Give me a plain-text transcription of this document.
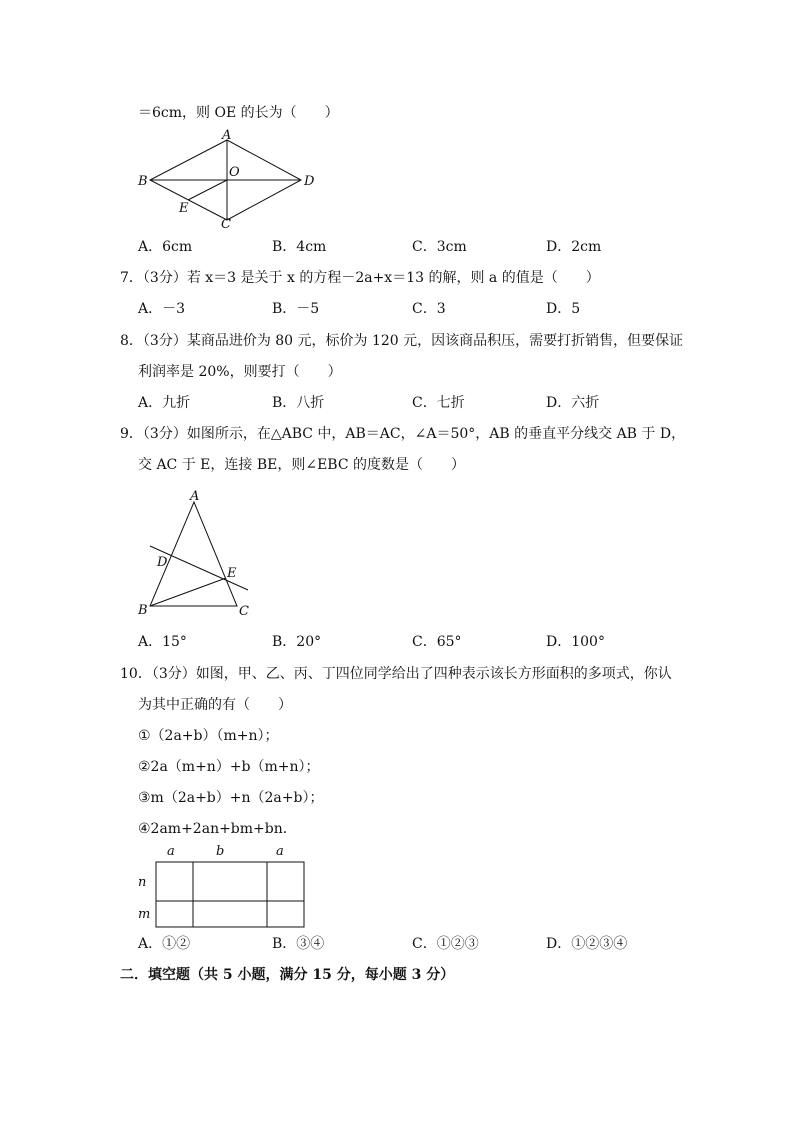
＝6cm，则 OE 的长为（　　）
A
B
O
D
E
C
A．6cm	B．4cm	C．3cm	D．2cm
7．（3分）若 x＝3 是关于 x 的方程－2a+x＝13 的解，则 a 的值是（　　）
A．－3	B．－5	C．3	D．5
8．（3分）某商品进价为 80 元，标价为 120 元，因该商品积压，需要打折销售，但要保证
利润率是 20%，则要打（　　）
A．九折	B．八折	C．七折	D．六折
9．（3分）如图所示，在△ABC 中，AB＝AC，∠A＝50°，AB 的垂直平分线交 AB 于 D，
交 AC 于 E，连接 BE，则∠EBC 的度数是（　　）
A
D
E
B	C
A．15°	B．20°	C．65°	D．100°
10．（3分）如图，甲、乙、丙、丁四位同学给出了四种表示该长方形面积的多项式，你认
为其中正确的有（　　）
①（2a+b）（m+n）；
②2a（m+n）+b（m+n）；
③m（2a+b）+n（2a+b）；
④2am+2an+bm+bn．
a	b	a
n
m
A．①②	B．③④	C．①②③	D．①②③④
二．填空题（共 5 小题，满分 15 分，每小题 3 分）
